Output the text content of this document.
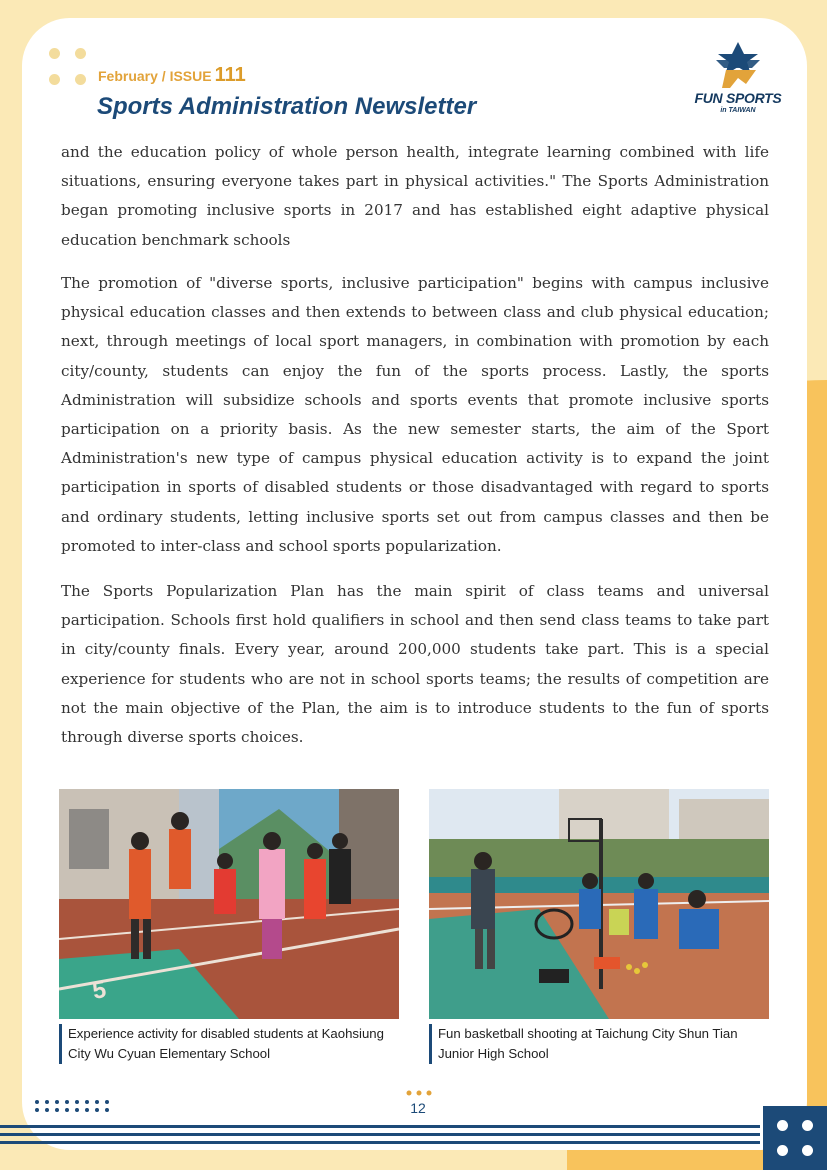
February / ISSUE 111
Sports Administration Newsletter	FUN SPORTS
in TAIWAN

and the education policy of whole person health, integrate learning combined with life situations, ensuring everyone takes part in physical activities." The Sports Administration began promoting inclusive sports in 2017 and has established eight adaptive physical education benchmark schools

The promotion of "diverse sports, inclusive participation" begins with campus inclusive physical education classes and then extends to between class and club physical education; next, through meetings of local sport managers, in combination with promotion by each city/county, students can enjoy the fun of the sports process. Lastly, the sports Administration will subsidize schools and sports events that promote inclusive sports participation on a priority basis. As the new semester starts, the aim of the Sport Administration's new type of campus physical education activity is to expand the joint participation in sports of disabled students or those disadvantaged with regard to sports and ordinary students, letting inclusive sports set out from campus classes and then be promoted to inter-class and school sports popularization.

The Sports Popularization Plan has the main spirit of class teams and universal participation. Schools first hold qualifiers in school and then send class teams to take part in city/county finals. Every year, around 200,000 students take part. This is a special experience for students who are not in school sports teams; the results of competition are not the main objective of the Plan, the aim is to introduce students to the fun of sports through diverse sports choices.

5
Experience activity for disabled students at Kaohsiung City Wu Cyuan Elementary School
Fun basketball shooting at Taichung City Shun Tian Junior High School
12
